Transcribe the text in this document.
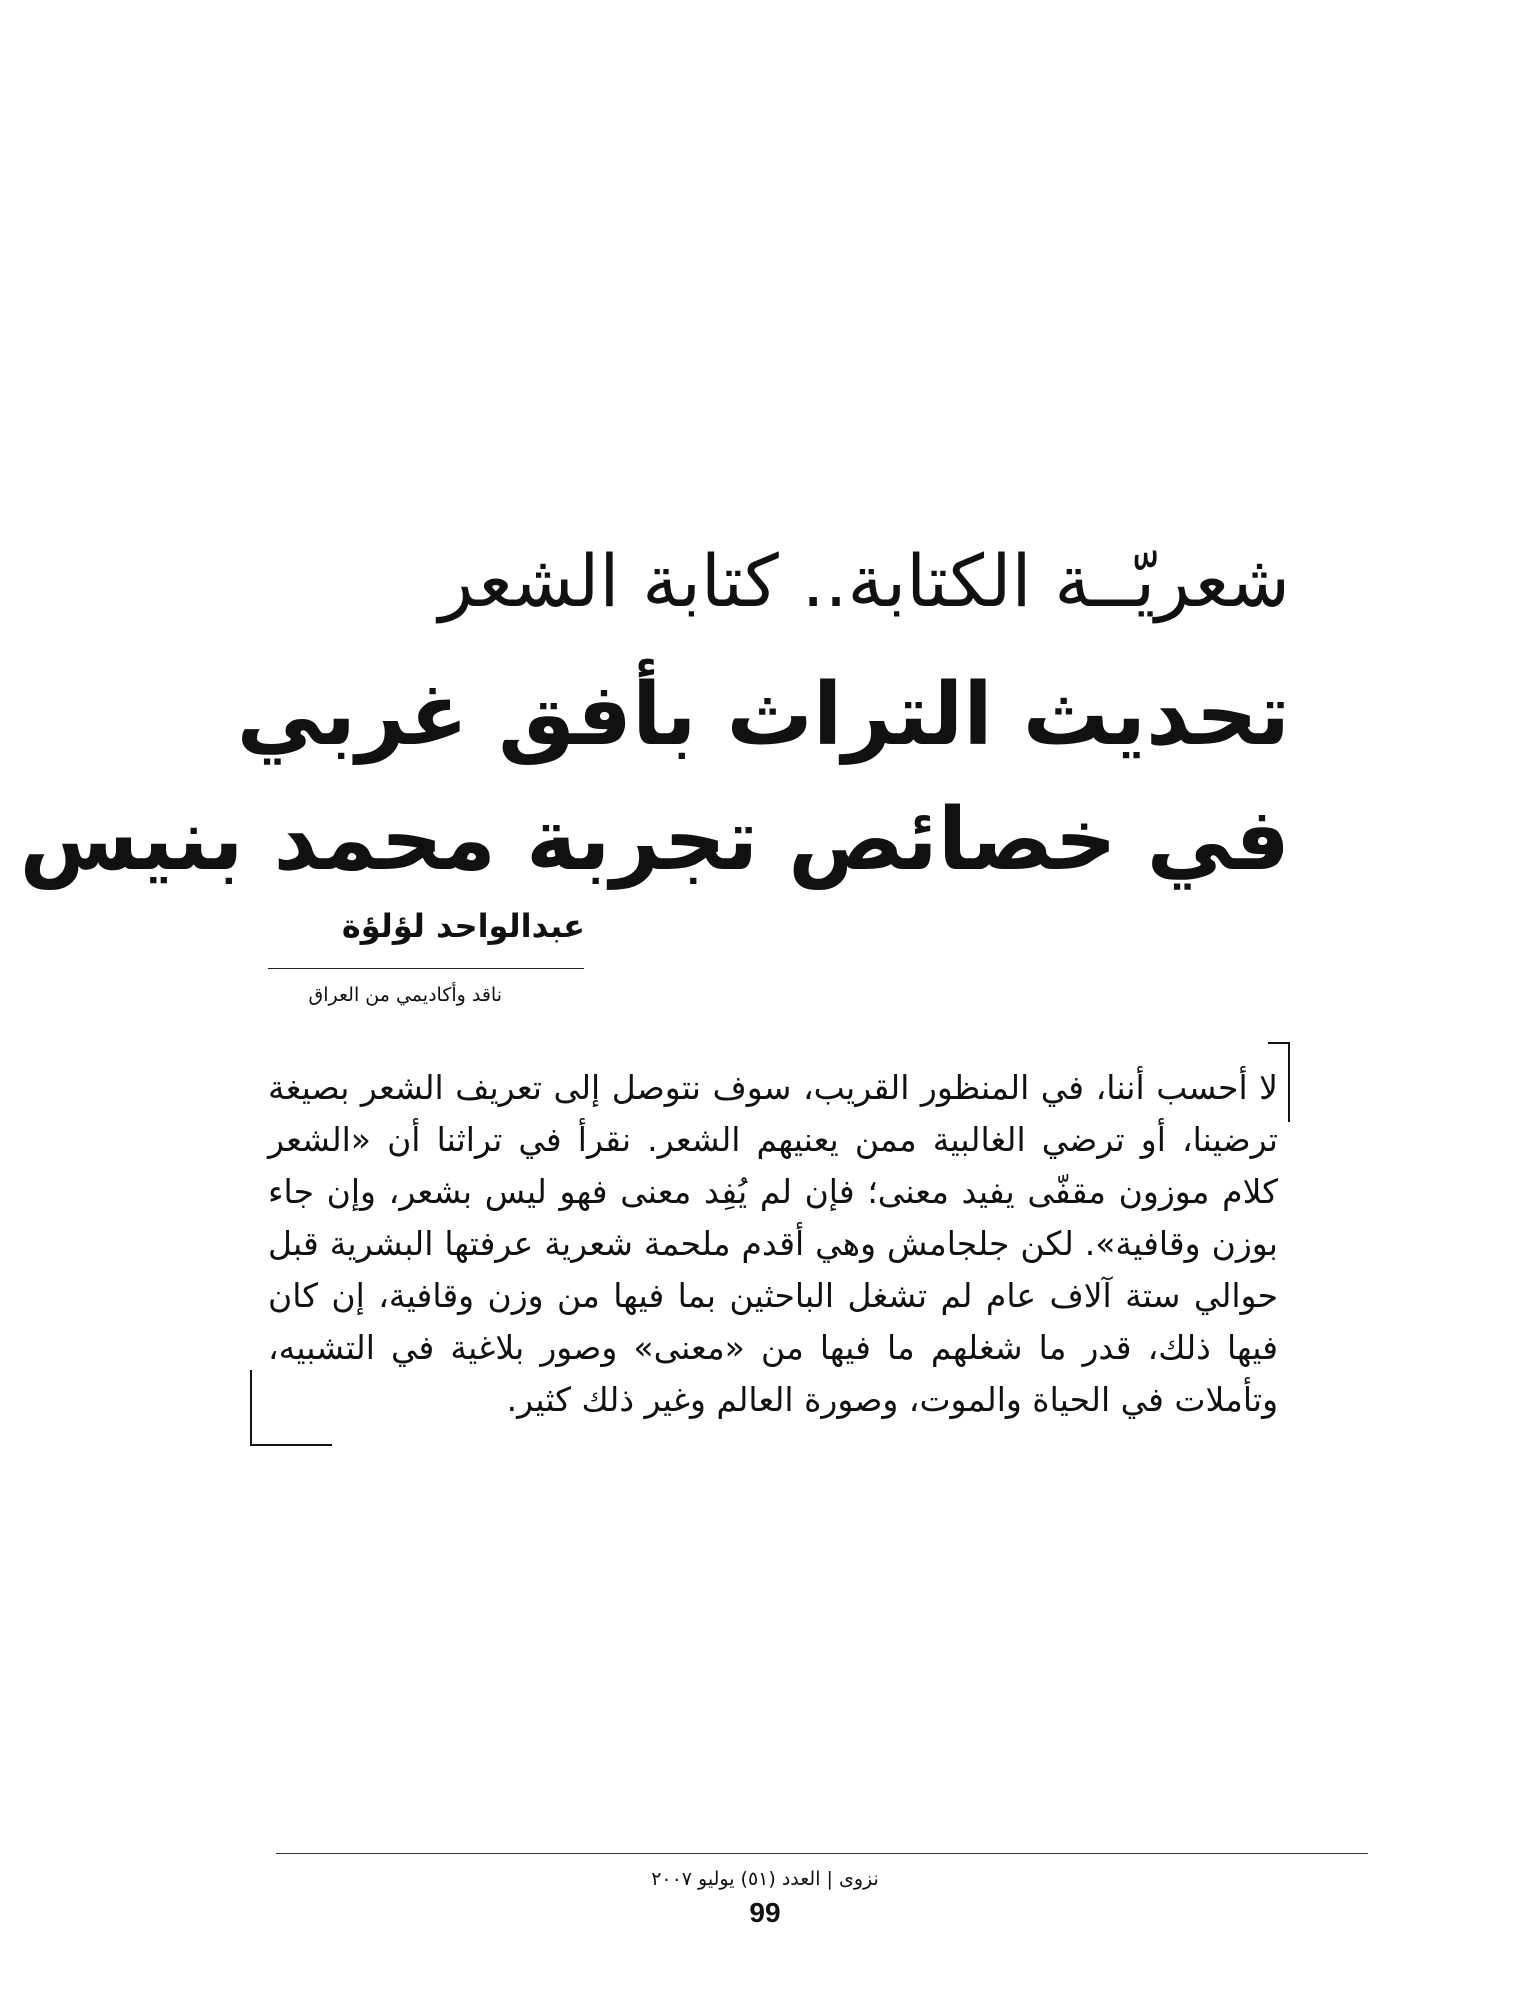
شعريّــة الكتابة.. كتابة الشعر
تحديث التراث بأفق غربي
في خصائص تجربة محمد بنيس
عبدالواحد لؤلؤة
ناقد وأكاديمي من العراق

لا أحسب أننا، في المنظور القريب، سوف نتوصل إلى تعريف الشعر بصيغة ترضينا، أو ترضي الغالبية ممن يعنيهم الشعر. نقرأ في تراثنا أن «الشعر كلام موزون مقفّى يفيد معنى؛ فإن لم يُفِد معنى فهو ليس بشعر، وإن جاء بوزن وقافية». لكن جلجامش وهي أقدم ملحمة شعرية عرفتها البشرية قبل حوالي ستة آلاف عام لم تشغل الباحثين بما فيها من وزن وقافية، إن كان فيها ذلك، قدر ما شغلهم ما فيها من «معنى» وصور بلاغية في التشبيه، وتأملات في الحياة والموت، وصورة العالم وغير ذلك كثير.

نزوى | العدد (٥١) يوليو ٢٠٠٧
99
